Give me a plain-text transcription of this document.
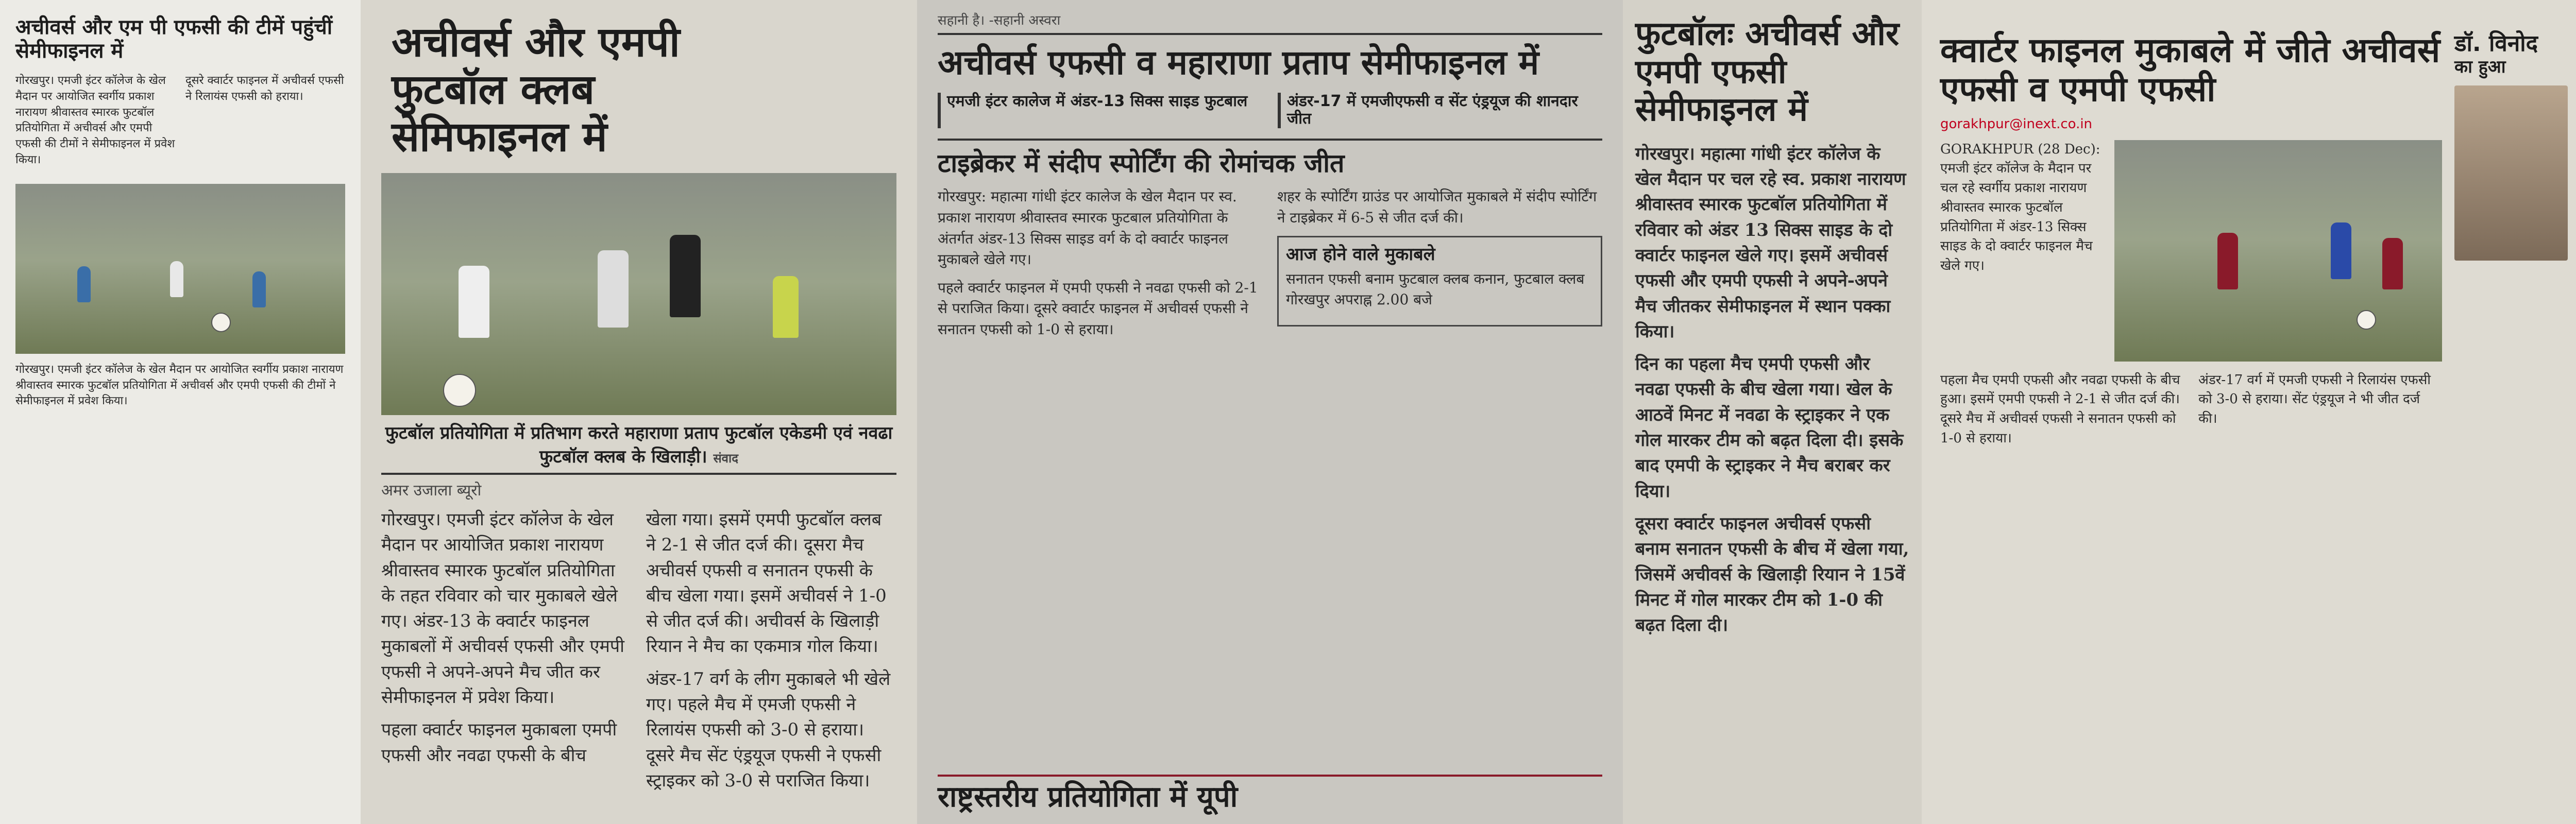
अचीवर्स और एम पी एफसी की टीमें पहुंचीं सेमीफाइनल में

गोरखपुर। एमजी इंटर कॉलेज के खेल मैदान पर आयोजित स्वर्गीय प्रकाश नारायण श्रीवास्तव स्मारक फुटबॉल प्रतियोगिता में अचीवर्स और एमपी एफसी की टीमों ने सेमीफाइनल में प्रवेश किया।

दूसरे क्वार्टर फाइनल में अचीवर्स एफसी ने रिलायंस एफसी को हराया।

गोरखपुर। एमजी इंटर कॉलेज के खेल मैदान पर आयोजित स्वर्गीय प्रकाश नारायण श्रीवास्तव स्मारक फुटबॉल प्रतियोगिता में अचीवर्स और एमपी एफसी की टीमों ने सेमीफाइनल में प्रवेश किया।

अचीवर्स और एमपी फुटबॉल क्लब सेमिफाइनल में
फुटबॉल प्रतियोगिता में प्रतिभाग करते महाराणा प्रताप फुटबॉल एकेडमी एवं नवढा फुटबॉल क्लब के खिलाड़ी। संवाद
अमर उजाला ब्यूरो

गोरखपुर। एमजी इंटर कॉलेज के खेल मैदान पर आयोजित प्रकाश नारायण श्रीवास्तव स्मारक फुटबॉल प्रतियोगिता के तहत रविवार को चार मुकाबले खेले गए। अंडर-13 के क्वार्टर फाइनल मुकाबलों में अचीवर्स एफसी और एमपी एफसी ने अपने-अपने मैच जीत कर सेमीफाइनल में प्रवेश किया।

पहला क्वार्टर फाइनल मुकाबला एमपी एफसी और नवढा एफसी के बीच

खेला गया। इसमें एमपी फुटबॉल क्लब ने 2-1 से जीत दर्ज की। दूसरा मैच अचीवर्स एफसी व सनातन एफसी के बीच खेला गया। इसमें अचीवर्स ने 1-0 से जीत दर्ज की। अचीवर्स के खिलाड़ी रियान ने मैच का एकमात्र गोल किया।

अंडर-17 वर्ग के लीग मुकाबले भी खेले गए। पहले मैच में एमजी एफसी ने रिलायंस एफसी को 3-0 से हराया। दूसरे मैच सेंट एंड्रयूज एफसी ने एफसी स्ट्राइकर को 3-0 से पराजित किया।

सहानी है। -सहानी अस्वरा
अचीवर्स एफसी व महाराणा प्रताप सेमीफाइनल में
एमजी इंटर कालेज में अंडर-13 सिक्स साइड फुटबाल	अंडर-17 में एमजीएफसी व सेंट एंड्रयूज की शानदार जीत
टाइब्रेकर में संदीप स्पोर्टिंग की रोमांचक जीत

गोरखपुर: महात्मा गांधी इंटर कालेज के खेल मैदान पर स्व. प्रकाश नारायण श्रीवास्तव स्मारक फुटबाल प्रतियोगिता के अंतर्गत अंडर-13 सिक्स साइड वर्ग के दो क्वार्टर फाइनल मुकाबले खेले गए।

पहले क्वार्टर फाइनल में एमपी एफसी ने नवढा एफसी को 2-1 से पराजित किया। दूसरे क्वार्टर फाइनल में अचीवर्स एफसी ने सनातन एफसी को 1-0 से हराया।

शहर के स्पोर्टिंग ग्राउंड पर आयोजित मुकाबले में संदीप स्पोर्टिंग ने टाइब्रेकर में 6-5 से जीत दर्ज की।

आज होने वाले मुकाबले

सनातन एफसी बनाम फुटबाल क्लब कनान, फुटबाल क्लब गोरखपुर अपराह्न 2.00 बजे

राष्ट्रस्तरीय प्रतियोगिता में यूपी
फुटबॉलः अचीवर्स और एमपी एफसी सेमीफाइनल में

गोरखपुर। महात्मा गांधी इंटर कॉलेज के खेल मैदान पर चल रहे स्व. प्रकाश नारायण श्रीवास्तव स्मारक फुटबॉल प्रतियोगिता में रविवार को अंडर 13 सिक्स साइड के दो क्वार्टर फाइनल खेले गए। इसमें अचीवर्स एफसी और एमपी एफसी ने अपने-अपने मैच जीतकर सेमीफाइनल में स्थान पक्का किया।

दिन का पहला मैच एमपी एफसी और नवढा एफसी के बीच खेला गया। खेल के आठवें मिनट में नवढा के स्ट्राइकर ने एक गोल मारकर टीम को बढ़त दिला दी। इसके बाद एमपी के स्ट्राइकर ने मैच बराबर कर दिया।

दूसरा क्वार्टर फाइनल अचीवर्स एफसी बनाम सनातन एफसी के बीच में खेला गया, जिसमें अचीवर्स के खिलाड़ी रियान ने 15वें मिनट में गोल मारकर टीम को 1-0 की बढ़त दिला दी।

क्वार्टर फाइनल मुकाबले में जीते अचीवर्स एफसी व एमपी एफसी
gorakhpur@inext.co.in

GORAKHPUR (28 Dec): एमजी इंटर कॉलेज के मैदान पर चल रहे स्वर्गीय प्रकाश नारायण श्रीवास्तव स्मारक फुटबॉल प्रतियोगिता में अंडर-13 सिक्स साइड के दो क्वार्टर फाइनल मैच खेले गए।

पहला मैच एमपी एफसी और नवढा एफसी के बीच हुआ। इसमें एमपी एफसी ने 2-1 से जीत दर्ज की। दूसरे मैच में अचीवर्स एफसी ने सनातन एफसी को 1-0 से हराया।

अंडर-17 वर्ग में एमजी एफसी ने रिलायंस एफसी को 3-0 से हराया। सेंट एंड्रयूज ने भी जीत दर्ज की।

डॉ. विनोद
का हुआ
